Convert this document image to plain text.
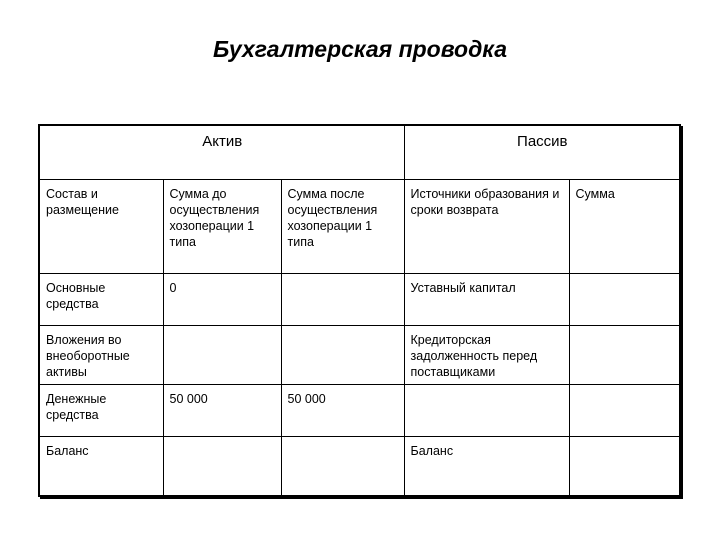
Бухгалтерская проводка
Актив			Пассив	
Состав и размещение	Сумма до осуществления хозоперации 1 типа	Сумма после осуществления хозоперации 1 типа	Источники образования и сроки возврата	Сумма
Основные средства	0		Уставный капитал	
Вложения во внеоборотные активы			Кредиторская задолженность перед поставщиками	
Денежные средства	50 000	50 000		
Баланс			Баланс	
